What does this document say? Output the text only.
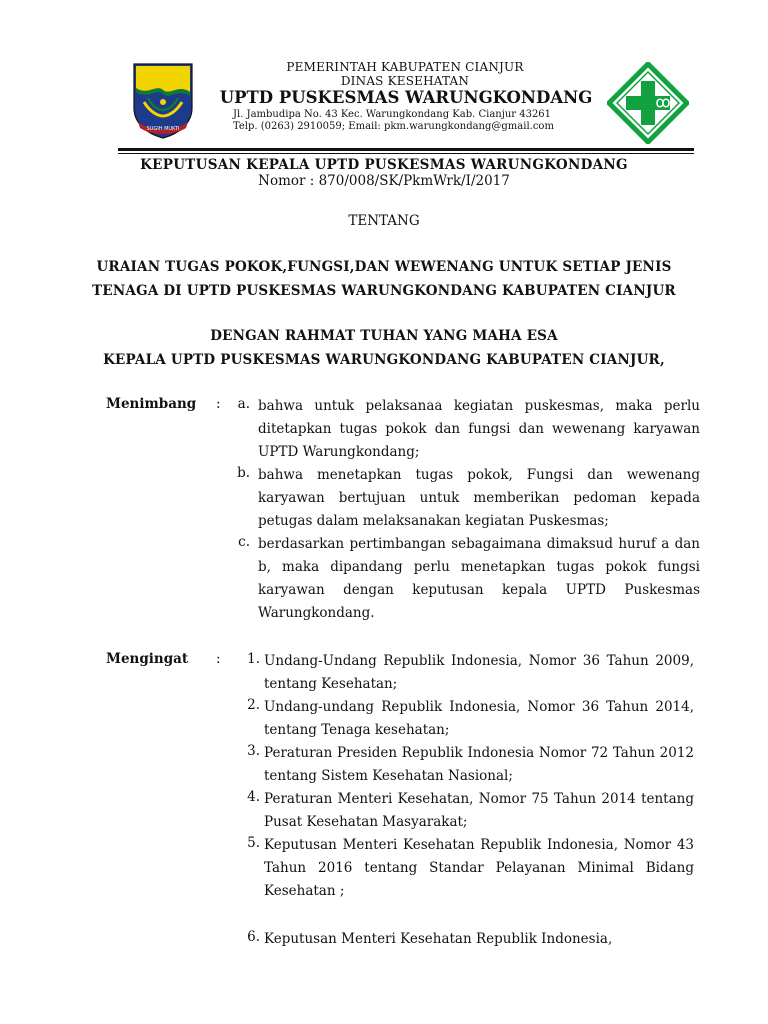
SUGIH MUKTI
PEMERINTAH KABUPATEN CIANJUR
DINAS KESEHATAN
UPTD PUSKESMAS WARUNGKONDANG
Jl. Jambudipa No. 43 Kec. Warungkondang Kab. Cianjur 43261
Telp. (0263) 2910059; Email: pkm.warungkondang@gmail.com
KEPUTUSAN KEPALA UPTD PUSKESMAS WARUNGKONDANG
Nomor : 870/008/SK/PkmWrk/I/2017
TENTANG
URAIAN TUGAS POKOK,FUNGSI,DAN WEWENANG UNTUK SETIAP JENIS
TENAGA DI UPTD PUSKESMAS WARUNGKONDANG KABUPATEN CIANJUR
DENGAN RAHMAT TUHAN YANG MAHA ESA
KEPALA UPTD PUSKESMAS WARUNGKONDANG KABUPATEN CIANJUR,
Menimbang :	a. bahwa untuk pelaksanaa kegiatan puskesmas, maka perlu ditetapkan tugas pokok dan fungsi dan wewenang karyawan UPTD Warungkondang;
b. bahwa menetapkan tugas pokok, Fungsi dan wewenang karyawan bertujuan untuk memberikan pedoman kepada petugas dalam melaksanakan kegiatan Puskesmas;
c. berdasarkan pertimbangan sebagaimana dimaksud huruf a dan b, maka dipandang perlu menetapkan tugas pokok fungsi karyawan dengan keputusan kepala UPTD Puskesmas Warungkondang.
Mengingat :	1. Undang-Undang Republik Indonesia, Nomor 36 Tahun 2009, tentang Kesehatan;
2. Undang-undang Republik Indonesia, Nomor 36 Tahun 2014, tentang Tenaga kesehatan;
3. Peraturan Presiden Republik Indonesia Nomor 72 Tahun 2012 tentang Sistem Kesehatan Nasional;
4. Peraturan Menteri Kesehatan, Nomor 75 Tahun 2014 tentang Pusat Kesehatan Masyarakat;
5. Keputusan Menteri Kesehatan Republik Indonesia, Nomor 43 Tahun 2016 tentang Standar Pelayanan Minimal Bidang Kesehatan ;
6. Keputusan Menteri Kesehatan Republik Indonesia,
